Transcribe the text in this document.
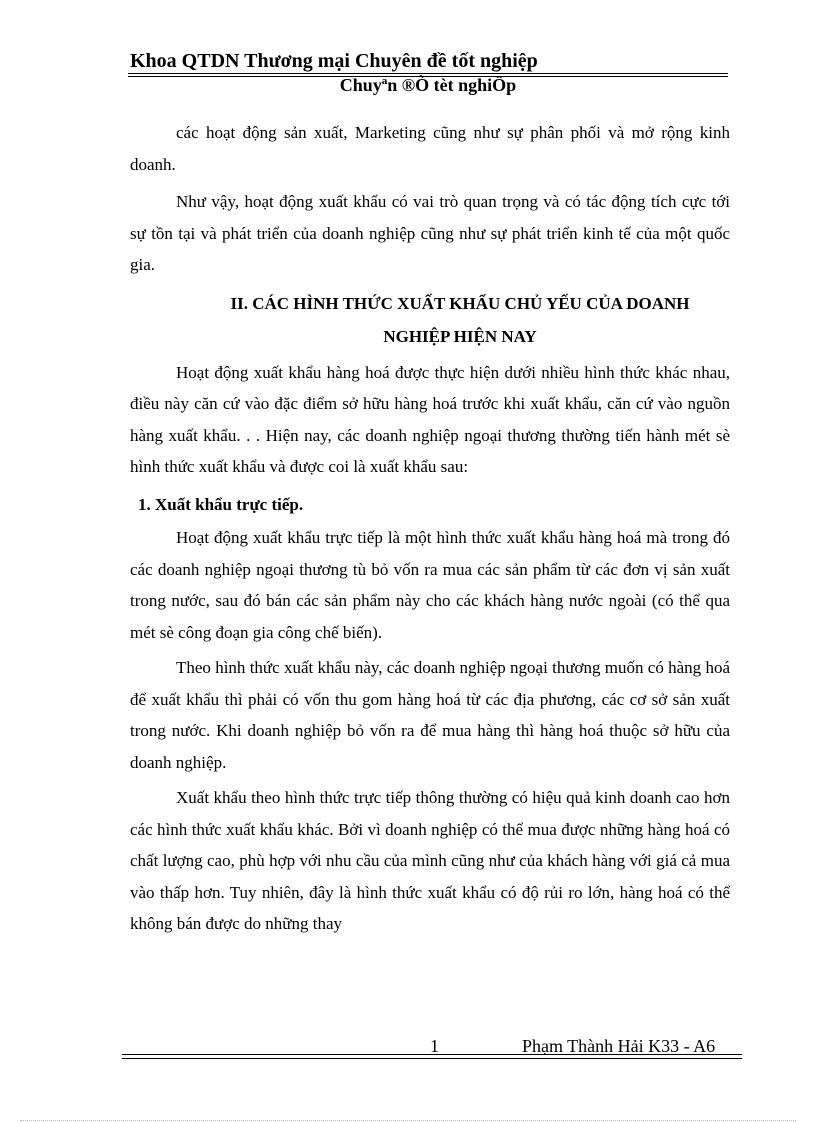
Khoa QTDN Thương mại Chuyên đề tốt nghiệp
Chuyªn ®Ò tèt nghiÖp

các hoạt động sản xuất, Marketing cũng như sự phân phối và mở rộng kinh doanh.

Như vậy, hoạt động xuất khẩu có vai trò quan trọng và có tác động tích cực tới sự tồn tại và phát triển của doanh nghiệp cũng như sự phát triển kinh tế của một quốc gia.

II. CÁC HÌNH THỨC XUẤT KHẨU CHỦ YẾU CỦA DOANH
NGHIỆP HIỆN NAY

Hoạt động xuất khẩu hàng hoá được thực hiện dưới nhiều hình thức khác nhau, điều này căn cứ vào đặc điểm sở hữu hàng hoá trước khi xuất khẩu, căn cứ vào nguồn hàng xuất khẩu. . . Hiện nay, các doanh nghiệp ngoại thương thường tiến hành mét sè hình thức xuất khẩu và được coi là xuất khẩu sau:

1. Xuất khẩu trực tiếp.

Hoạt động xuất khẩu trực tiếp là một hình thức xuất khẩu hàng hoá mà trong đó các doanh nghiệp ngoại thương tù bỏ vốn ra mua các sản phẩm từ các đơn vị sản xuất trong nước, sau đó bán các sản phẩm này cho các khách hàng nước ngoài (có thể qua mét sè công đoạn gia công chế biến).

Theo hình thức xuất khẩu này, các doanh nghiệp ngoại thương muốn có hàng hoá để xuất khẩu thì phải có vốn thu gom hàng hoá từ các địa phương, các cơ sở sản xuất trong nước. Khi doanh nghiệp bỏ vốn ra để mua hàng thì hàng hoá thuộc sở hữu của doanh nghiệp.

Xuất khẩu theo hình thức trực tiếp thông thường có hiệu quả kinh doanh cao hơn các hình thức xuất khẩu khác. Bởi vì doanh nghiệp có thể mua được những hàng hoá có chất lượng cao, phù hợp với nhu cầu của mình cũng như của khách hàng với giá cả mua vào thấp hơn. Tuy nhiên, đây là hình thức xuất khẩu có độ rủi ro lớn, hàng hoá có thể không bán được do những thay

1	Phạm Thành Hải K33 - A6
